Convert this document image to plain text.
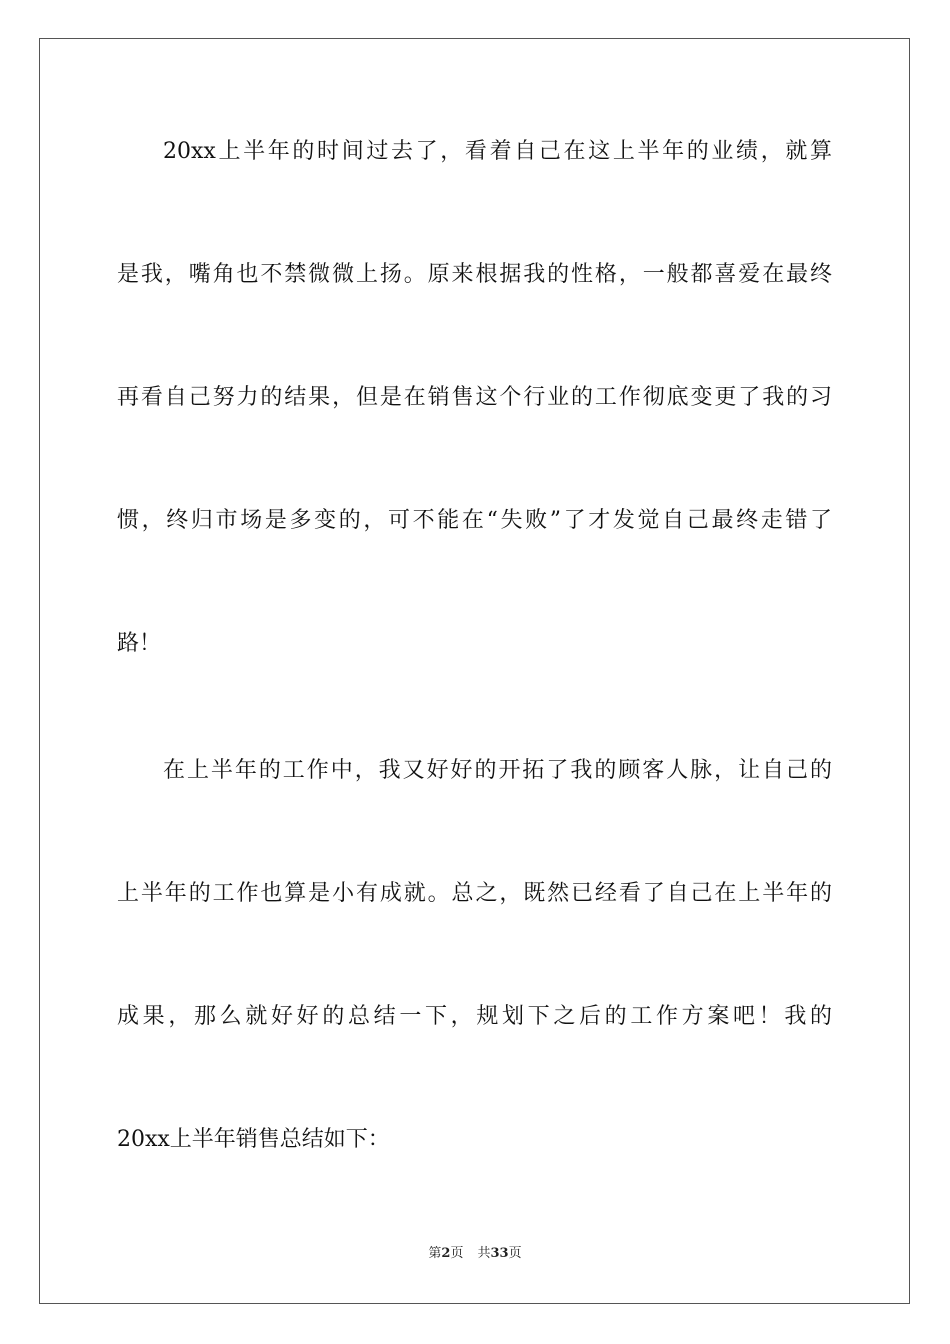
20xx上半年的时间过去了，看着自己在这上半年的业绩，就算
是我，嘴角也不禁微微上扬。原来根据我的性格，一般都喜爱在最终
再看自己努力的结果，但是在销售这个行业的工作彻底变更了我的习
惯，终归市场是多变的，可不能在“失败”了才发觉自己最终走错了
路！
在上半年的工作中，我又好好的开拓了我的顾客人脉，让自己的
上半年的工作也算是小有成就。总之，既然已经看了自己在上半年的
成果，那么就好好的总结一下，规划下之后的工作方案吧！我的
20xx上半年销售总结如下：
第2页 共33页
